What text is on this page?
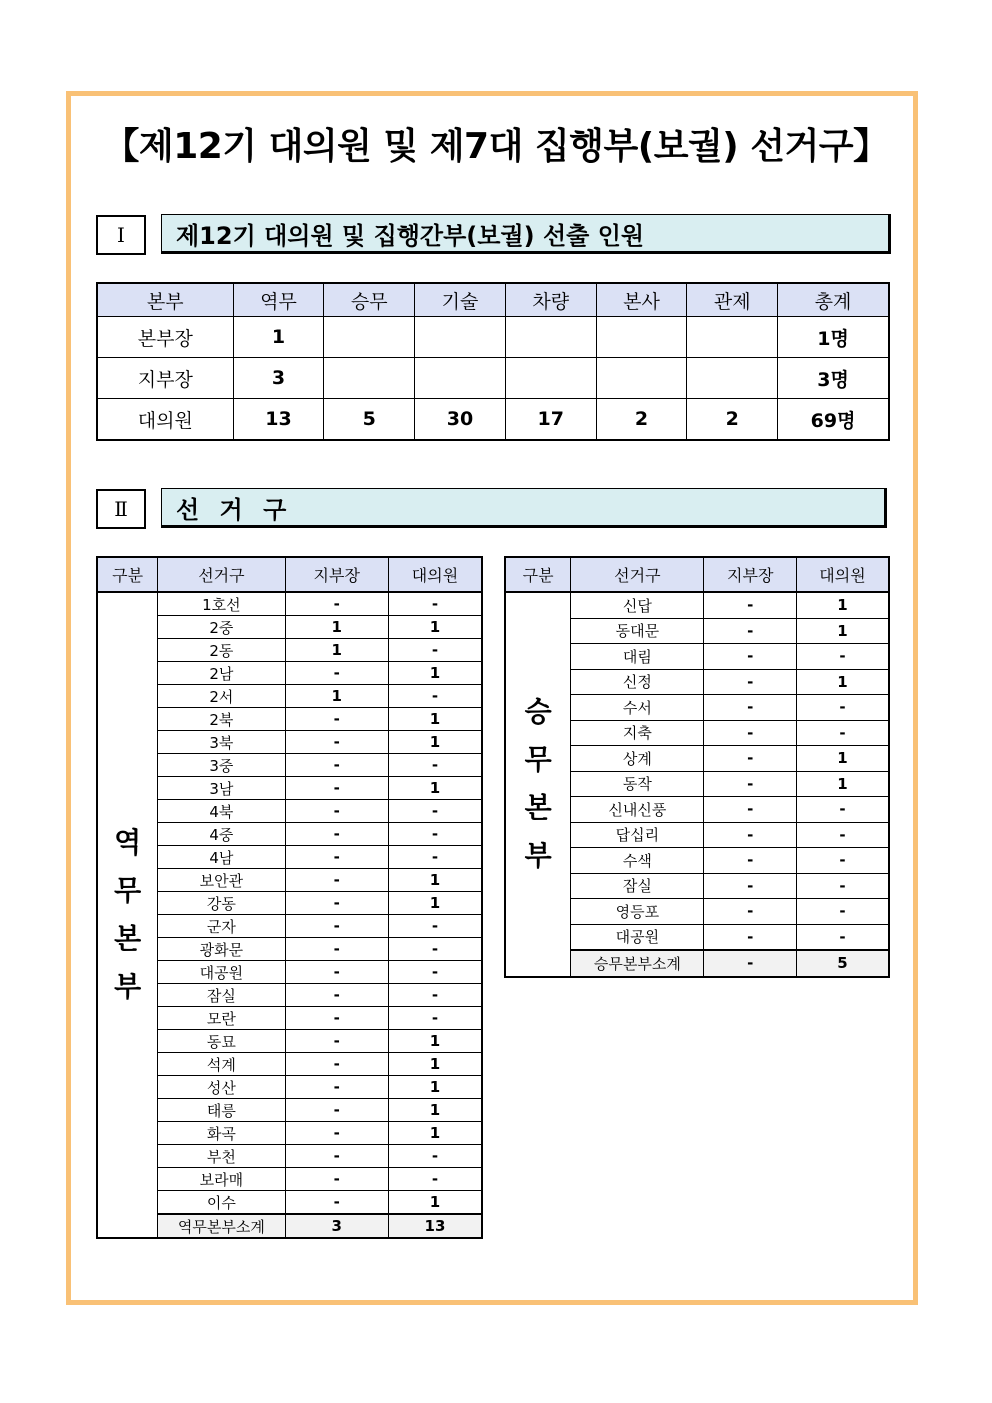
【제12기 대의원 및 제7대 집행부(보궐) 선거구】
Ⅰ	제12기 대의원 및 집행간부(보궐) 선출 인원
본부	역무	승무	기술	차량	본사	관제	총계
본부장	1						1명
지부장	3						3명
대의원	13	5	30	17	2	2	69명
Ⅱ	선 거 구
구분	선거구	지부장	대의원
역
무
본
부	1호선	-	-
	2중	1	1
	2동	1	-
	2남	-	1
	2서	1	-
	2북	-	1
	3북	-	1
	3중	-	-
	3남	-	1
	4북	-	-
	4중	-	-
	4남	-	-
	보안관	-	1
	강동	-	1
	군자	-	-
	광화문	-	-
	대공원	-	-
	잠실	-	-
	모란	-	-
	동묘	-	1
	석계	-	1
	성산	-	1
	태릉	-	1
	화곡	-	1
	부천	-	-
	보라매	-	-
	이수	-	1
	역무본부소계	3	13
구분	선거구	지부장	대의원
승
무
본
부	신답	-	1
	동대문	-	1
	대림	-	-
	신정	-	1
	수서	-	-
	지축	-	-
	상계	-	1
	동작	-	1
	신내신풍	-	-
	답십리	-	-
	수색	-	-
	잠실	-	-
	영등포	-	-
	대공원	-	-
	승무본부소계	-	5
